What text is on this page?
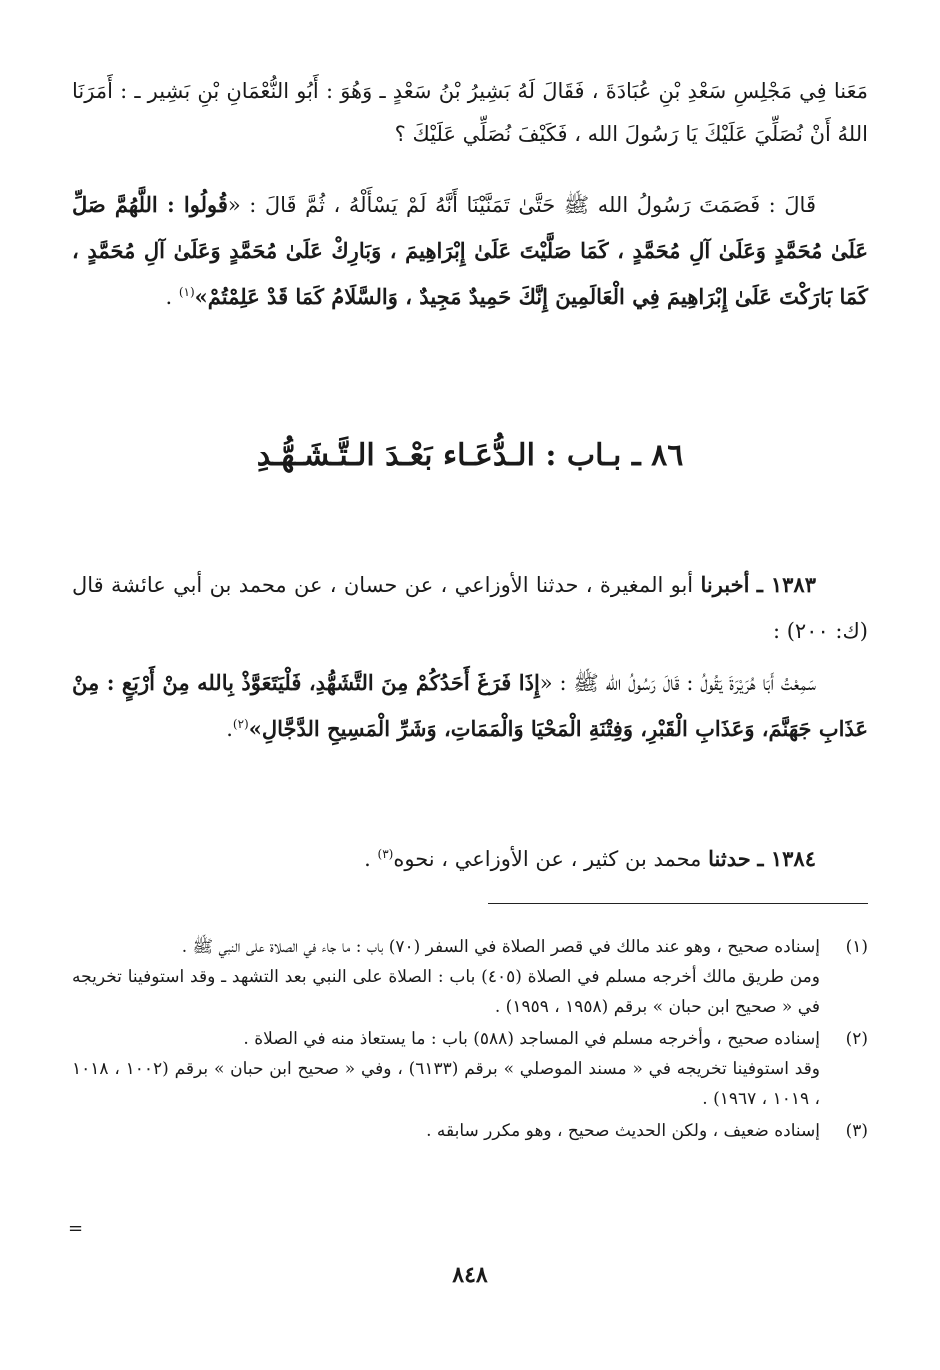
مَعَنا فِي مَجْلِسِ سَعْدِ بْنِ عُبَادَةَ ، فَقَالَ لَهُ بَشِيرُ بْنُ سَعْدٍ ـ وَهُوَ : أَبُو النُّعْمَانِ بْنِ بَشِير ـ : أَمَرَنَا اللهُ أَنْ نُصَلِّيَ عَلَيْكَ يَا رَسُولَ الله ، فَكَيْفَ نُصَلِّي عَلَيْكَ ؟
قَالَ : فَصَمَتَ رَسُولُ الله ﷺ حَتَّىٰ تَمَنَّيْنَا أَنَّهُ لَمْ يَسْأَلْهُ ، ثُمَّ قَالَ : «قُولُوا : اللَّهُمَّ صَلِّ عَلَىٰ مُحَمَّدٍ وَعَلَىٰ آلِ مُحَمَّدٍ ، كَمَا صَلَّيْتَ عَلَىٰ إِبْرَاهِيمَ ، وَبَارِكْ عَلَىٰ مُحَمَّدٍ وَعَلَىٰ آلِ مُحَمَّدٍ ، كَمَا بَارَكْتَ عَلَىٰ إِبْرَاهِيمَ فِي الْعَالَمِينَ إِنَّكَ حَمِيدٌ مَجِيدٌ ، وَالسَّلَامُ كَمَا قَدْ عَلِمْتُمْ»$^{(١)}$ .
٨٦ ـ بـاب : الـدُّعَـاء بَعْـدَ الـتَّـشَـهُّـدِ
١٣٨٣ ـ أخبرنا أبو المغيرة ، حدثنا الأوزاعي ، عن حسان ، عن محمد بن أبي عائشة قال (ك: ٢٠٠) :
سَمِعْتُ أَبَا هُرَيْرَةَ يَقُولُ : قَالَ رَسُولُ الله ﷺ : «إِذَا فَرَغَ أَحَدُكُمْ مِنَ التَّشَهُّدِ، فَلْيَتَعَوَّذْ بِالله مِنْ أَرْبَعٍ : مِنْ عَذَابِ جَهَنَّمَ، وَعَذَابِ الْقَبْرِ، وَفِتْنَةِ الْمَحْيَا وَالْمَمَاتِ، وَشَرِّ الْمَسِيحِ الدَّجَّالِ»$^{(٢)}$.
١٣٨٤ ـ حدثنا محمد بن كثير ، عن الأوزاعي ، نحوه$^{(٣)}$ .
(١)
إسناده صحيح ، وهو عند مالك في قصر الصلاة في السفر (٧٠) باب : ما جاء في الصلاة على النبي ﷺ .
ومن طريق مالك أخرجه مسلم في الصلاة (٤٠٥) باب : الصلاة على النبي بعد التشهد ـ وقد استوفينا تخريجه في « صحيح ابن حبان » برقم (١٩٥٨ ، ١٩٥٩) .
(٢)
إسناده صحيح ، وأخرجه مسلم في المساجد (٥٨٨) باب : ما يستعاذ منه في الصلاة .
وقد استوفينا تخريجه في « مسند الموصلي » برقم (٦١٣٣) ، وفي « صحيح ابن حبان » برقم (١٠٠٢ ، ١٠١٨ ، ١٠١٩ ، ١٩٦٧) .
(٣)
إسناده ضعيف ، ولكن الحديث صحيح ، وهو مكرر سابقه .
=
٨٤٨
